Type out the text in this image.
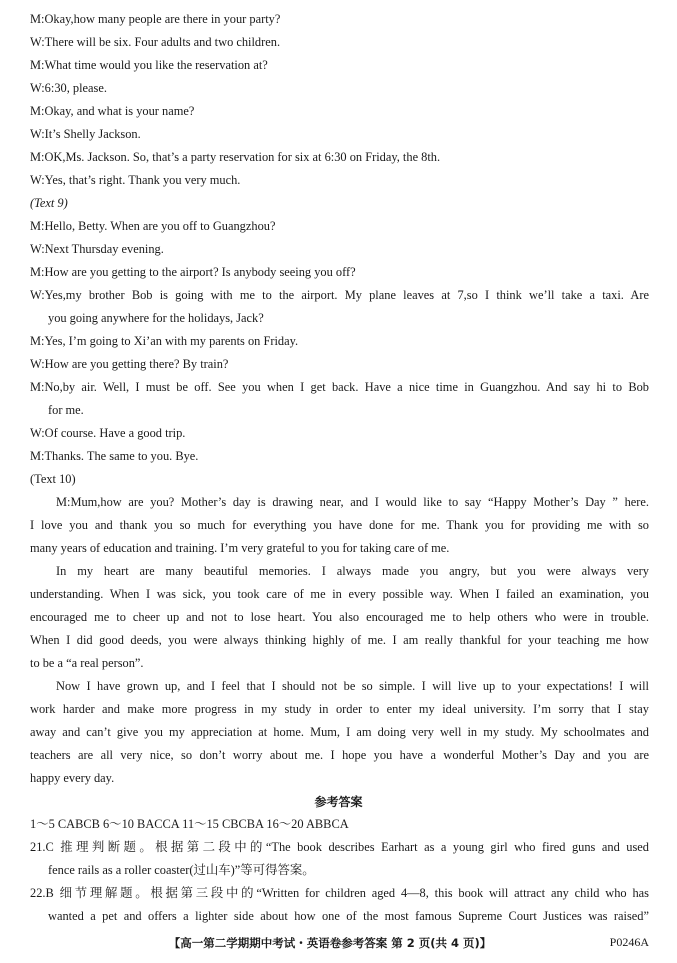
M:Okay,how many people are there in your party?
W:There will be six. Four adults and two children.
M:What time would you like the reservation at?
W:6:30, please.
M:Okay, and what is your name?
W:It’s Shelly Jackson.
M:OK,Ms. Jackson. So, that’s a party reservation for six at 6:30 on Friday, the 8th.
W:Yes, that’s right. Thank you very much.
(Text 9)
M:Hello, Betty. When are you off to Guangzhou?
W:Next Thursday evening.
M:How are you getting to the airport? Is anybody seeing you off?
W:Yes,my brother Bob is going with me to the airport. My plane leaves at 7,so I think we’ll take a taxi. Are
you going anywhere for the holidays, Jack?
M:Yes, I’m going to Xi’an with my parents on Friday.
W:How are you getting there? By train?
M:No,by air. Well, I must be off. See you when I get back. Have a nice time in Guangzhou. And say hi to Bob
for me.
W:Of course. Have a good trip.
M:Thanks. The same to you. Bye.
(Text 10)
M:Mum,how are you? Mother’s day is drawing near, and I would like to say “Happy Mother’s Day ” here.
I love you and thank you so much for everything you have done for me. Thank you for providing me with so
many years of education and training. I’m very grateful to you for taking care of me.
In my heart are many beautiful memories. I always made you angry, but you were always very
understanding. When I was sick, you took care of me in every possible way. When I failed an examination, you
encouraged me to cheer up and not to lose heart. You also encouraged me to help others who were in trouble.
When I did good deeds, you were always thinking highly of me. I am really thankful for your teaching me how
to be a “a real person”.
Now I have grown up, and I feel that I should not be so simple. I will live up to your expectations! I will
work harder and make more progress in my study in order to enter my ideal university. I’m sorry that I stay
away and can’t give you my appreciation at home. Mum, I am doing very well in my study. My schoolmates and
teachers are all very nice, so don’t worry about me. I hope you have a wonderful Mother’s Day and you are
happy every day.
参考答案
1～5 CABCB 6～10 BACCA 11～15 CBCBA 16～20 ABBCA
21.C 推理判断题。根据第二段中的“The book describes Earhart as a young girl who fired guns and used
fence rails as a roller coaster(过山车)”等可得答案。
22.B 细节理解题。根据第三段中的“Written for children aged 4—8, this book will attract any child who has
wanted a pet and offers a lighter side about how one of the most famous Supreme Court Justices was raised”
【高一第二学期期中考试・英语卷参考答案 第 2 页(共 4 页)】	P0246A
